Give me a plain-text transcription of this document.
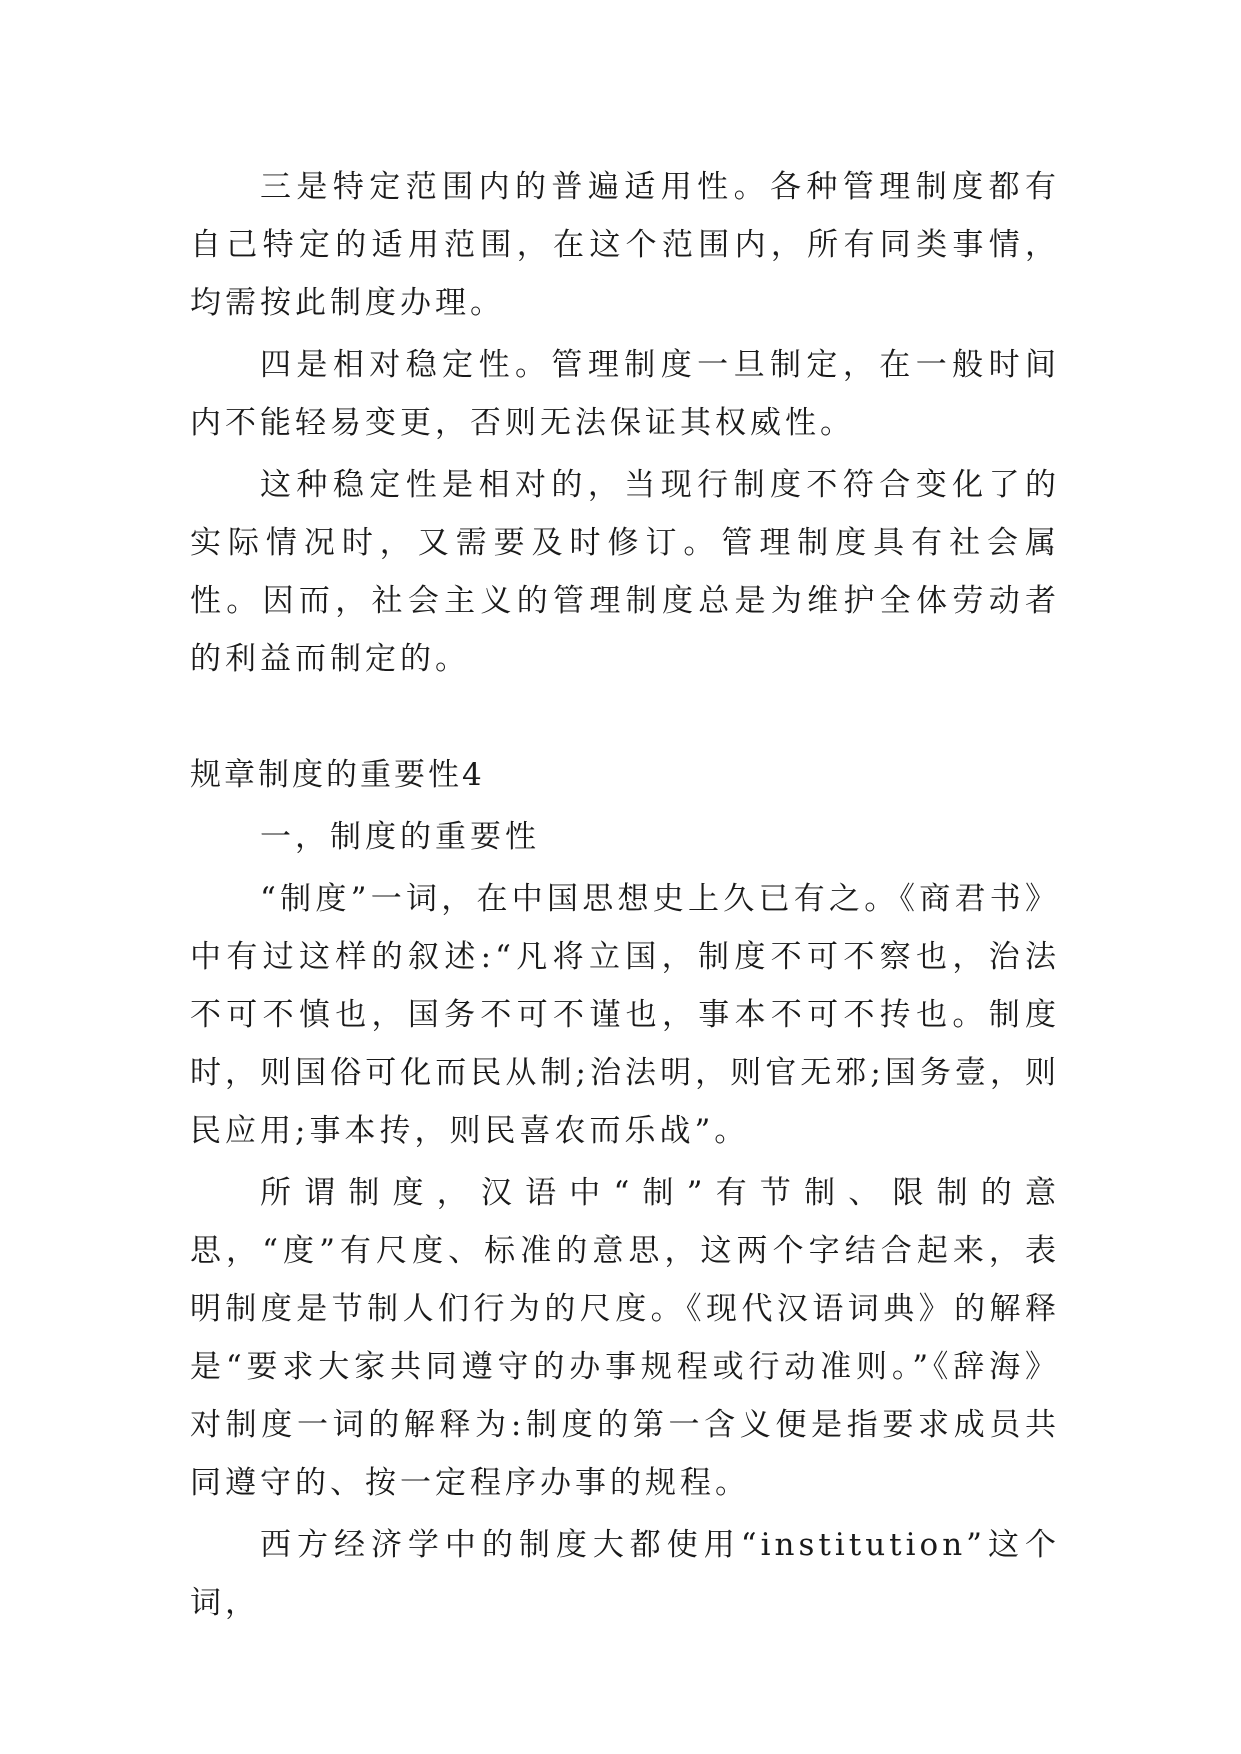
三是特定范围内的普遍适用性。各种管理制度都有自己特定的适用范围，在这个范围内，所有同类事情，均需按此制度办理。

四是相对稳定性。管理制度一旦制定，在一般时间内不能轻易变更，否则无法保证其权威性。

这种稳定性是相对的，当现行制度不符合变化了的实际情况时，又需要及时修订。管理制度具有社会属性。因而，社会主义的管理制度总是为维护全体劳动者的利益而制定的。

规章制度的重要性4

一，制度的重要性

“制度”一词，在中国思想史上久已有之。《商君书》中有过这样的叙述:“凡将立国，制度不可不察也，治法不可不慎也，国务不可不谨也，事本不可不抟也。制度时，则国俗可化而民从制;治法明，则官无邪;国务壹，则民应用;事本抟，则民喜农而乐战”。

所谓制度，汉语中“制”有节制、限制的意思，“度”有尺度、标准的意思，这两个字结合起来，表明制度是节制人们行为的尺度。《现代汉语词典》的解释是“要求大家共同遵守的办事规程或行动准则。”《辞海》对制度一词的解释为:制度的第一含义便是指要求成员共同遵守的、按一定程序办事的规程。

西方经济学中的制度大都使用“institution”这个词，
